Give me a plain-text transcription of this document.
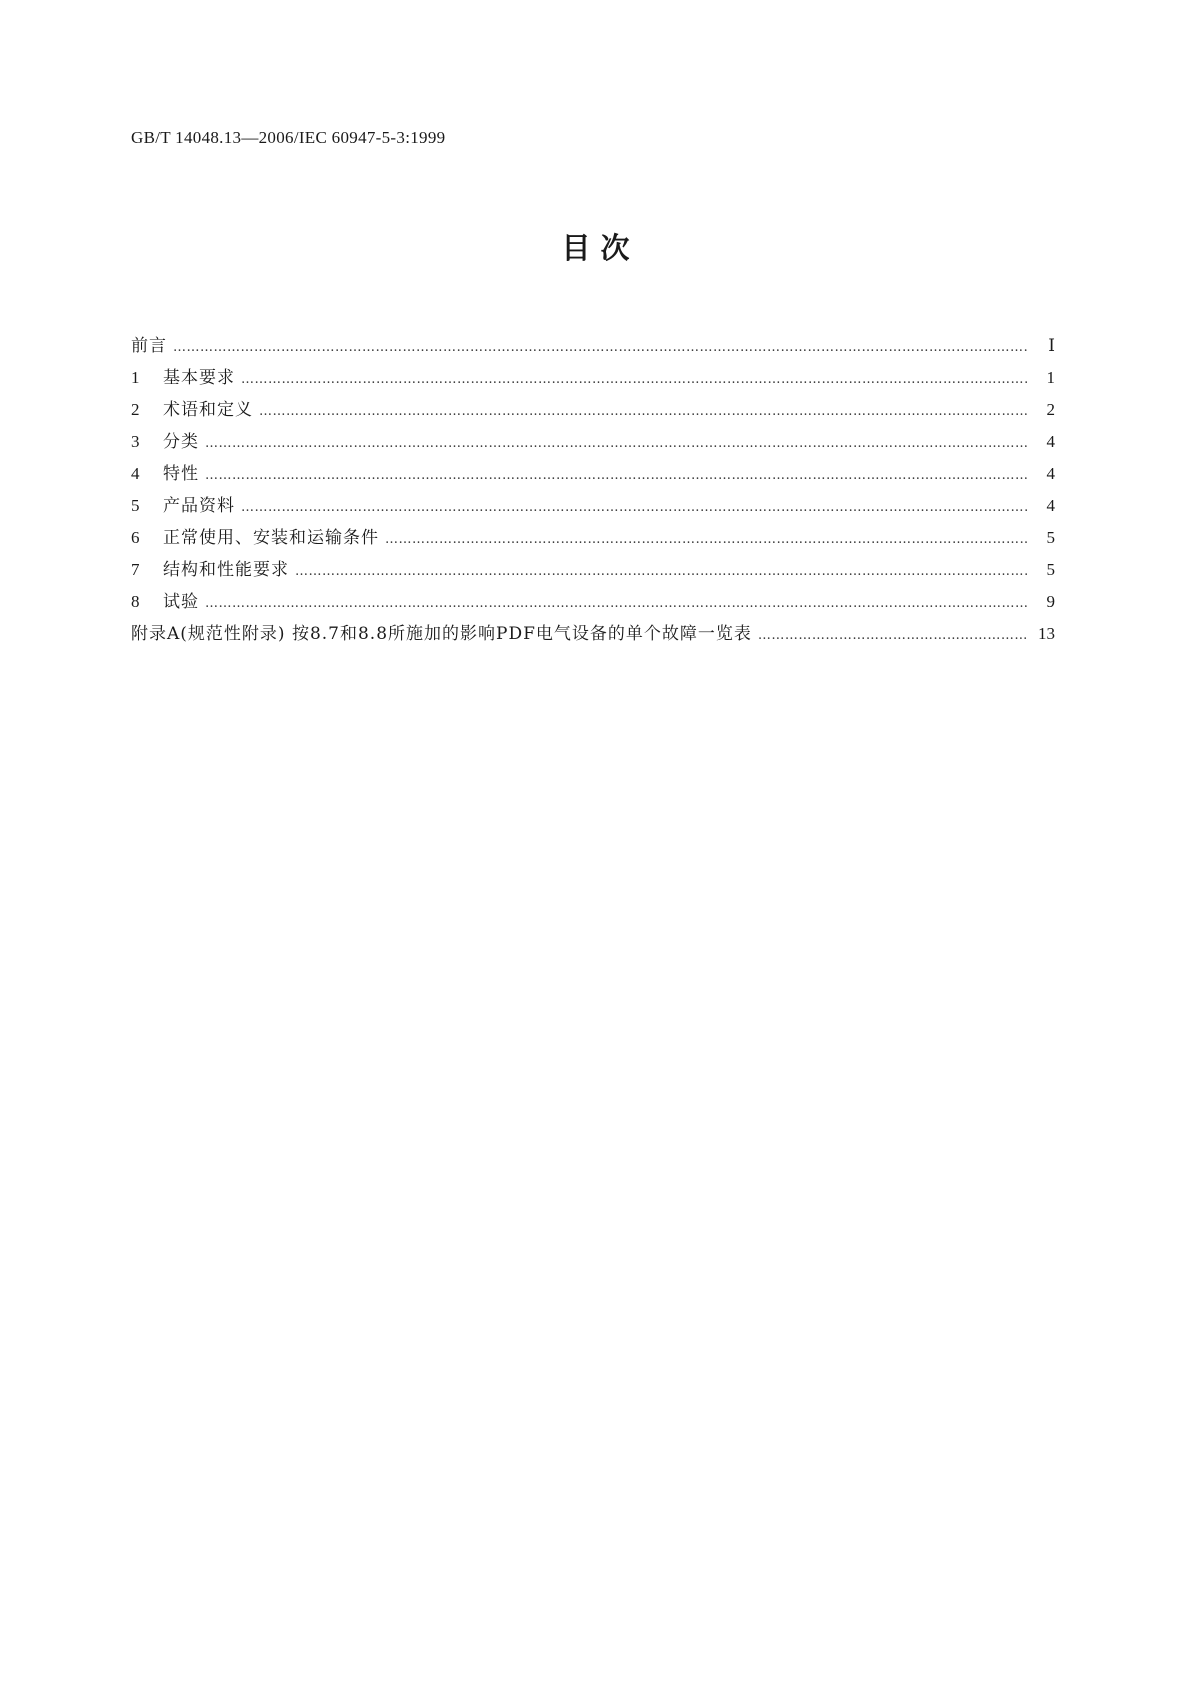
GB/T 14048.13—2006/IEC 60947-5-3:1999
目 次
前言 ……………………………………………………………………………………………………………………………………………………………………………………………………………………	Ⅰ
1	基本要求 ……………………………………………………………………………………………………………………………………………………………………………………………………………………	1
2	术语和定义 ……………………………………………………………………………………………………………………………………………………………………………………………………………………	2
3	分类 ……………………………………………………………………………………………………………………………………………………………………………………………………………………	4
4	特性 ……………………………………………………………………………………………………………………………………………………………………………………………………………………	4
5	产品资料 ……………………………………………………………………………………………………………………………………………………………………………………………………………………	4
6	正常使用、安装和运输条件 ……………………………………………………………………………………………………………………………………………………………………………………………………………………	5
7	结构和性能要求 ……………………………………………………………………………………………………………………………………………………………………………………………………………………	5
8	试验 ……………………………………………………………………………………………………………………………………………………………………………………………………………………	9
附录A(规范性附录) 按8.7和8.8所施加的影响PDF电气设备的单个故障一览表 ……………………………………………………………………………………………………………………………………………………………………………………………………………………	13
